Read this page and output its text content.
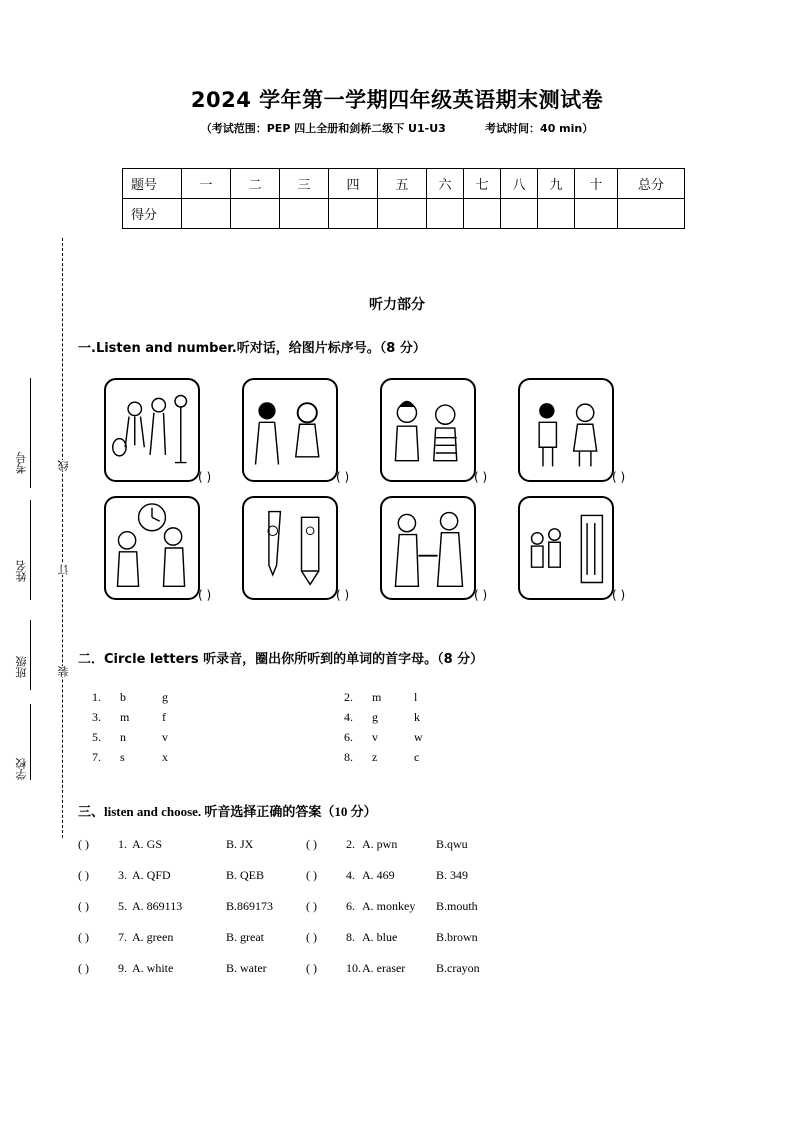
2024 学年第一学期四年级英语期末测试卷
（考试范围：PEP 四上全册和剑桥二级下 U1-U3	考试时间：40 min）
题号	一	二	三	四	五	六	七	八	九	十	总分
得分											
考号
姓名
班级
学校
线
订
装
听力部分
一.Listen and number.听对话，给图片标序号。（8 分）
( )	( )	( )	( )
( )	( )	( )	( )
二．Circle letters 听录音，圈出你所听到的单词的首字母。（8 分）
1. b	g	2. m	l
3. m	f	4. g	k
5. n	v	6. v	w
7. s	x	8. z	c
三、listen and choose. 听音选择正确的答案（10 分）
( ) 1. A. GS	B. JX	( ) 2. A. pwn	B.qwu
( ) 3. A. QFD	B. QEB	( ) 4. A. 469	B. 349
( ) 5. A. 869113	B.869173	( ) 6. A. monkey B.mouth
( ) 7. A. green	B. great	( ) 8. A. blue	B.brown
( ) 9. A. white	B. water	( ) 10. A. eraser	B.crayon
